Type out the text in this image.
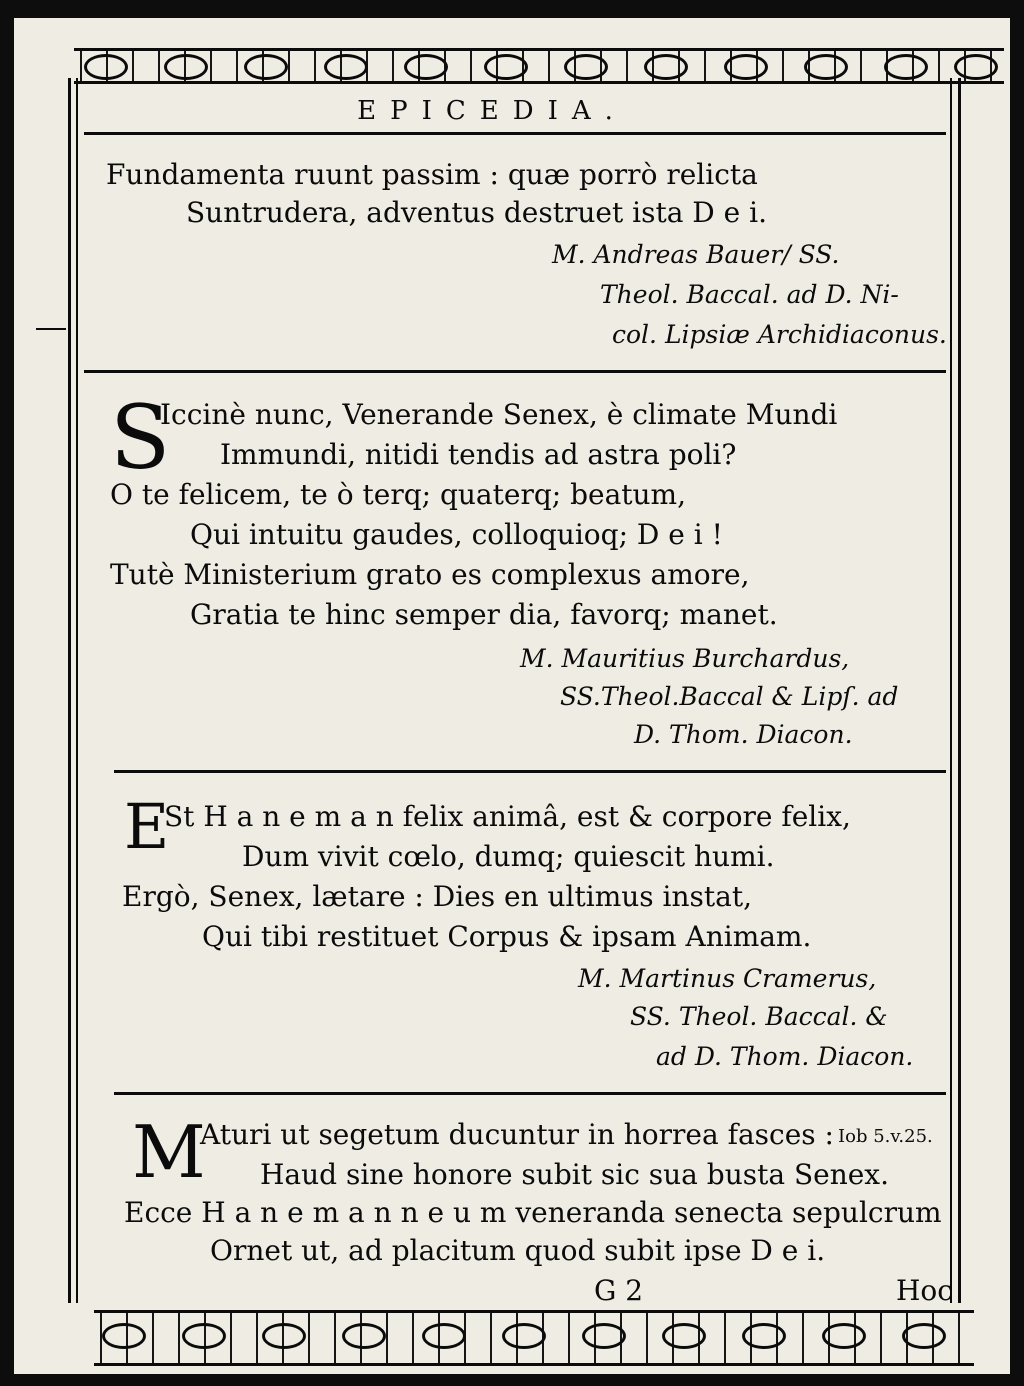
EPICEDIA.
Fundamenta ruunt passim : quæ porrò relicta
Suntrudera, adventus destruet ista D e i.
M. Andreas Bauer/ SS.
Theol. Baccal. ad D. Ni-
col. Lipsiæ Archidiaconus.
S
Iccinè nunc, Venerande Senex, è climate Mundi
Immundi, nitidi tendis ad astra poli?
O te felicem, te ò terq; quaterq; beatum,
Qui intuitu gaudes, colloquioq; D e i !
Tutè Ministerium grato es complexus amore,
Gratia te hinc semper dia, favorq; manet.
M. Mauritius Burchardus,
SS.Theol.Baccal & Lipſ. ad
D. Thom. Diacon.
E
St H a n e m a n felix animâ, est & corpore felix,
Dum vivit cœlo, dumq; quiescit humi.
Ergò, Senex, lætare : Dies en ultimus instat,
Qui tibi restituet Corpus & ipsam Animam.
M. Martinus Cramerus,
SS. Theol. Baccal. &
ad D. Thom. Diacon.
M
Aturi ut segetum ducuntur in horrea fasces : Iob 5.v.25.
Haud sine honore subit sic sua busta Senex.
Ecce H a n e m a n n e u m veneranda senecta sepulcrum
Ornet ut, ad placitum quod subit ipse D e i.
G 2	Hoc
